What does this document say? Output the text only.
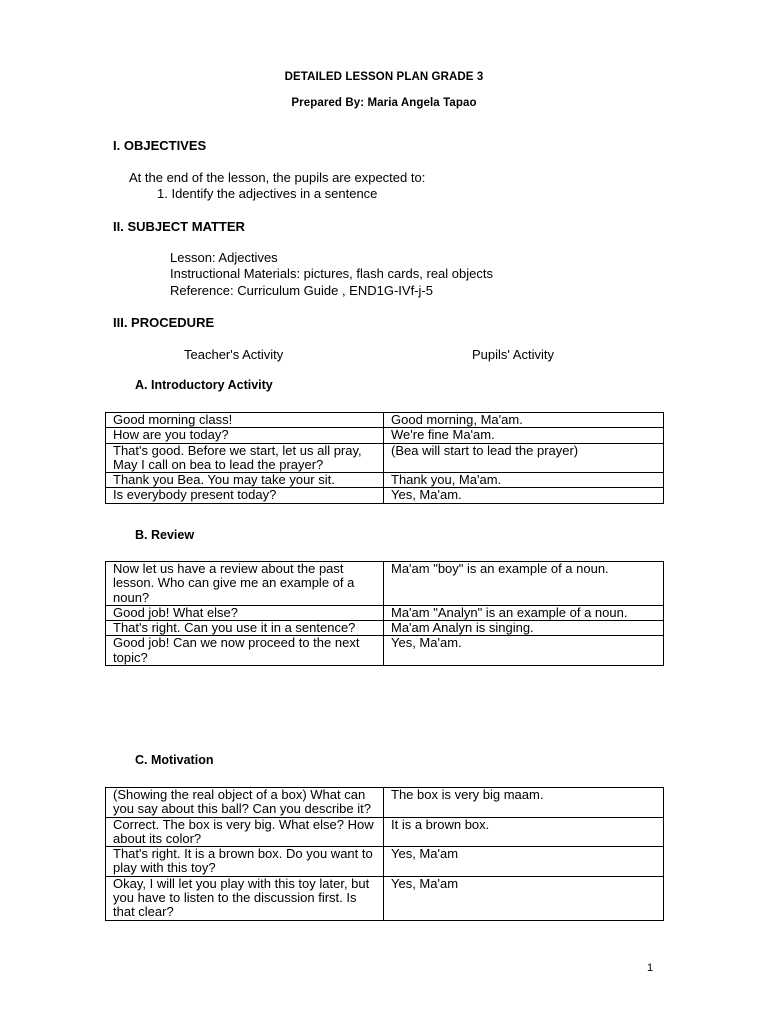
DETAILED LESSON PLAN GRADE 3
Prepared By: Maria Angela Tapao
I. OBJECTIVES
At the end of the lesson, the pupils are expected to:
1. Identify the adjectives in a sentence
II. SUBJECT MATTER
Lesson: Adjectives
Instructional Materials: pictures, flash cards, real objects
Reference: Curriculum Guide , END1G-IVf-j-5
III. PROCEDURE
Teacher's Activity	Pupils' Activity
A. Introductory Activity
Good morning class!	Good morning, Ma'am.
How are you today?	We're fine Ma'am.
That's good. Before we start, let us all pray, May I call on bea to lead the prayer?	(Bea will start to lead the prayer)
Thank you Bea. You may take your sit.	Thank you, Ma'am.
Is everybody present today?	Yes, Ma'am.
B. Review
Now let us have a review about the past lesson. Who can give me an example of a noun?	Ma'am "boy" is an example of a noun.
Good job! What else?	Ma'am "Analyn" is an example of a noun.
That's right. Can you use it in a sentence?	Ma'am Analyn is singing.
Good job! Can we now proceed to the next topic?	Yes, Ma'am.
C. Motivation
(Showing the real object of a box) What can you say about this ball? Can you describe it?	The box is very big maam.
Correct. The box is very big. What else? How about its color?	It is a brown box.
That's right. It is a brown box. Do you want to play with this toy?	Yes, Ma'am
Okay, I will let you play with this toy later, but you have to listen to the discussion first. Is that clear?	Yes, Ma'am
1
